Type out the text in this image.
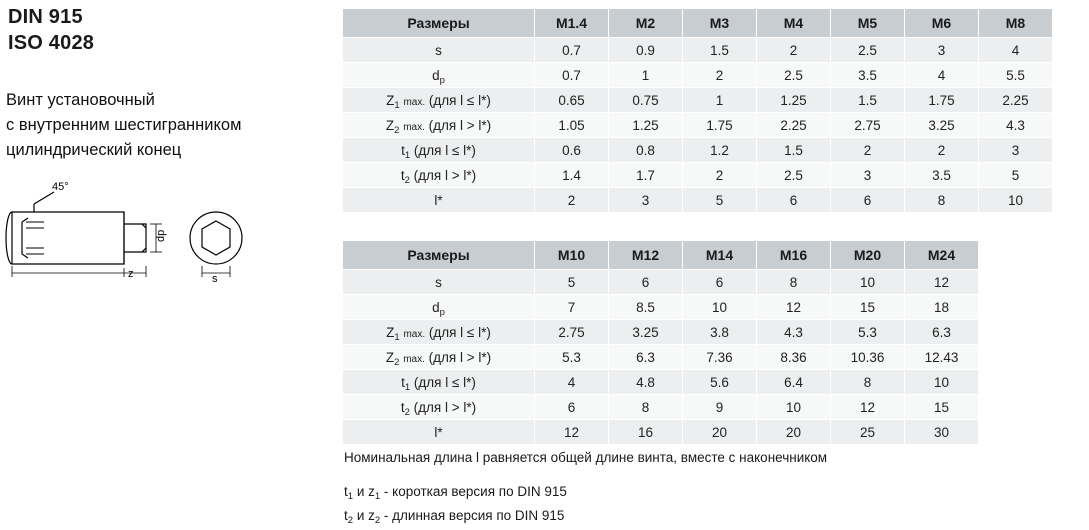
DIN 915
ISO 4028
Винт установочный
с внутренним шестигранником
цилиндрический конец
45°
z	s
dp
Размеры	M1.4	M2	M3	M4	M5	M6	M8
s	0.7	0.9	1.5	2	2.5	3	4
$d_p$	0.7	1	2	2.5	3.5	4	5.5
$Z_1$ max. (для l ≤ l*)	0.65	0.75	1	1.25	1.5	1.75	2.25
$Z_2$ max. (для l > l*)	1.05	1.25	1.75	2.25	2.75	3.25	4.3
$t_1$ (для l ≤ l*)	0.6	0.8	1.2	1.5	2	2	3
$t_2$ (для l > l*)	1.4	1.7	2	2.5	3	3.5	5
l*	2	3	5	6	6	8	10
Размеры	M10	M12	M14	M16	M20	M24
s	5	6	6	8	10	12
$d_p$	7	8.5	10	12	15	18
$Z_1$ max. (для l ≤ l*)	2.75	3.25	3.8	4.3	5.3	6.3
$Z_2$ max. (для l > l*)	5.3	6.3	7.36	8.36	10.36	12.43
$t_1$ (для l ≤ l*)	4	4.8	5.6	6.4	8	10
$t_2$ (для l > l*)	6	8	9	10	12	15
l*	12	16	20	20	25	30
Номинальная длина l равняется общей длине винта, вместе с наконечником
$t_1$ и $z_1$ - короткая версия по DIN 915
$t_2$ и $z_2$ - длинная версия по DIN 915
